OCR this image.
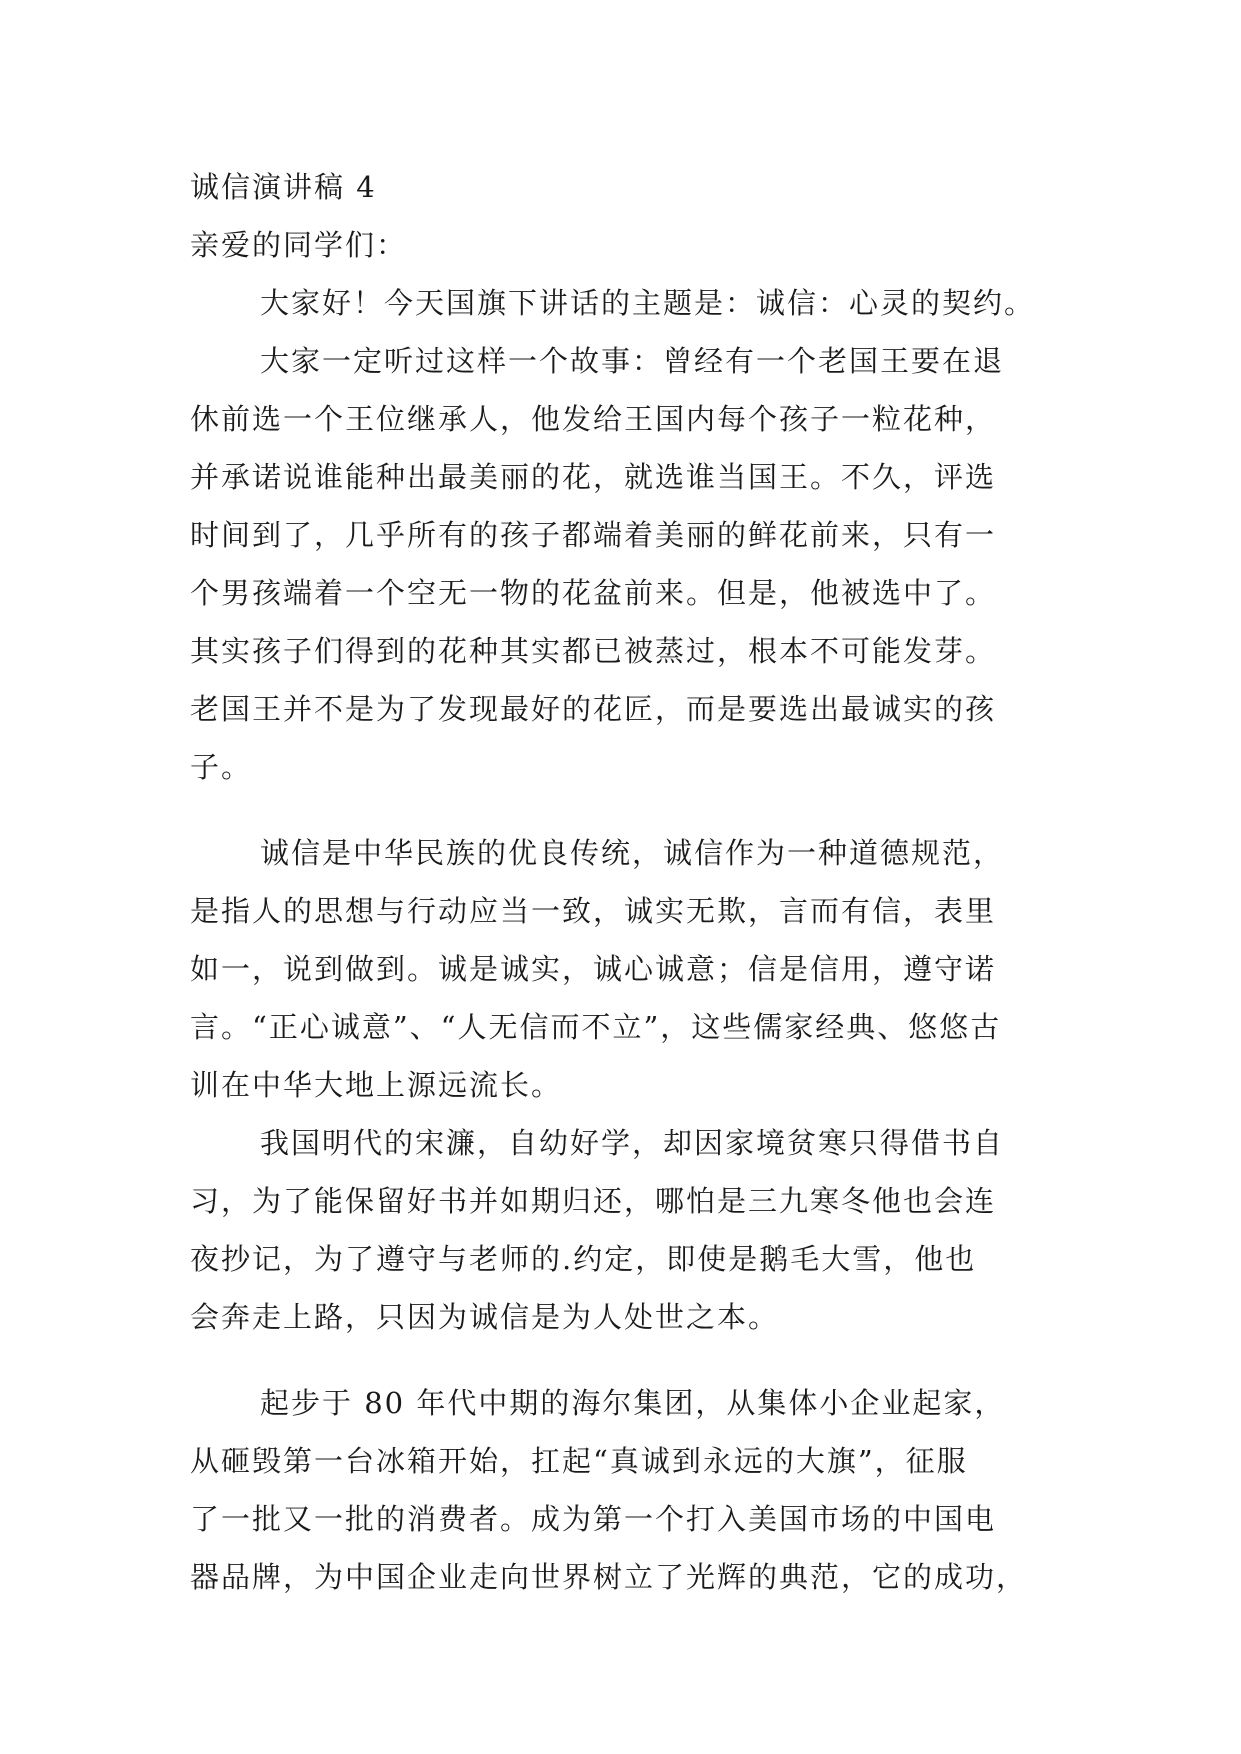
诚信演讲稿 4
亲爱的同学们：
大家好！今天国旗下讲话的主题是：诚信：心灵的契约。
大家一定听过这样一个故事：曾经有一个老国王要在退
休前选一个王位继承人，他发给王国内每个孩子一粒花种，
并承诺说谁能种出最美丽的花，就选谁当国王。不久，评选
时间到了，几乎所有的孩子都端着美丽的鲜花前来，只有一
个男孩端着一个空无一物的花盆前来。但是，他被选中了。
其实孩子们得到的花种其实都已被蒸过，根本不可能发芽。
老国王并不是为了发现最好的花匠，而是要选出最诚实的孩
子。
诚信是中华民族的优良传统，诚信作为一种道德规范，
是指人的思想与行动应当一致，诚实无欺，言而有信，表里
如一，说到做到。诚是诚实，诚心诚意；信是信用，遵守诺
言。“正心诚意”、“人无信而不立”，这些儒家经典、悠悠古
训在中华大地上源远流长。
我国明代的宋濂，自幼好学，却因家境贫寒只得借书自
习，为了能保留好书并如期归还，哪怕是三九寒冬他也会连
夜抄记，为了遵守与老师的.约定，即使是鹅毛大雪，他也
会奔走上路，只因为诚信是为人处世之本。
起步于 80 年代中期的海尔集团，从集体小企业起家，
从砸毁第一台冰箱开始，扛起“真诚到永远的大旗”，征服
了一批又一批的消费者。成为第一个打入美国市场的中国电
器品牌，为中国企业走向世界树立了光辉的典范，它的成功，
